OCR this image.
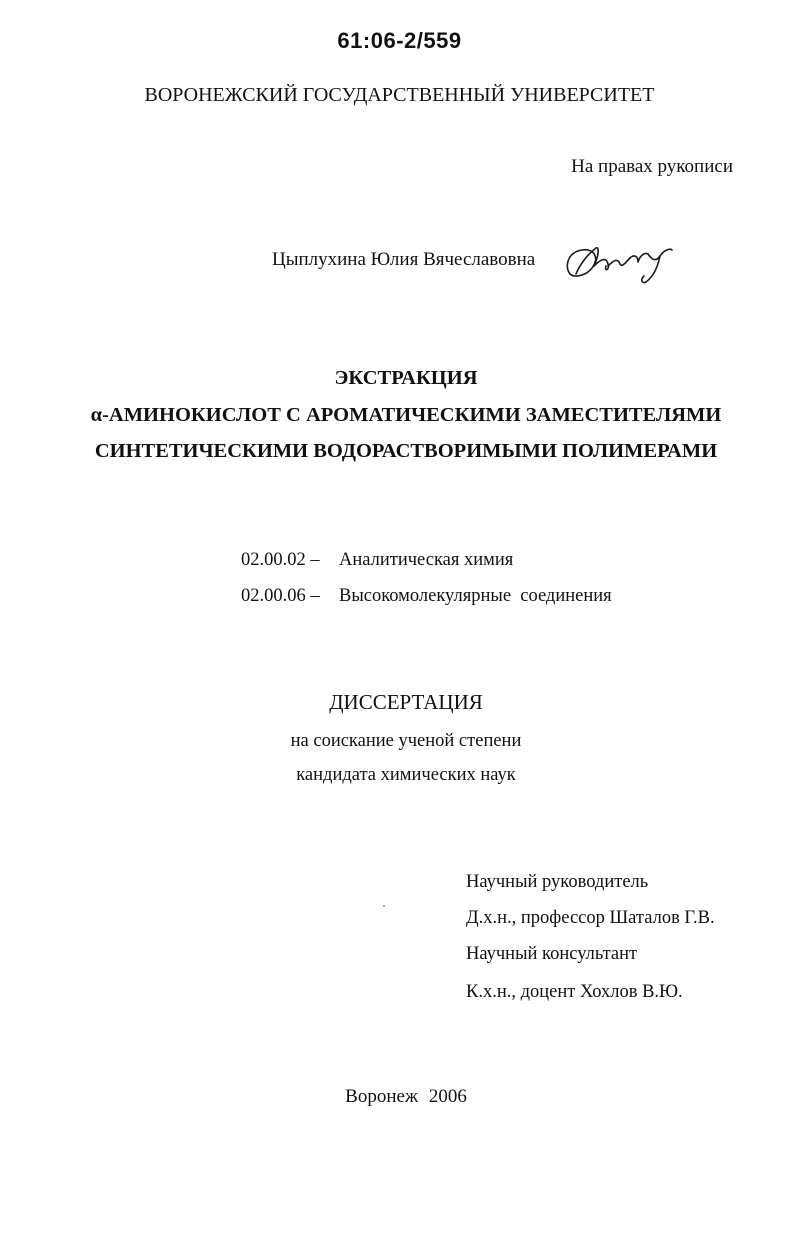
61:06-2/559
ВОРОНЕЖСКИЙ ГОСУДАРСТВЕННЫЙ УНИВЕРСИТЕТ
На правах рукописи
Цыплухина Юлия Вячеславовна
ЭКСТРАКЦИЯ
α-АМИНОКИСЛОТ С АРОМАТИЧЕСКИМИ ЗАМЕСТИТЕЛЯМИ
СИНТЕТИЧЕСКИМИ ВОДОРАСТВОРИМЫМИ ПОЛИМЕРАМИ
02.00.02 – Аналитическая химия
02.00.06 – Высокомолекулярные  соединения
ДИССЕРТАЦИЯ
на соискание ученой степени
кандидата химических наук
Научный руководитель
Д.х.н., профессор Шаталов Г.В.
Научный консультант
К.х.н., доцент Хохлов В.Ю.
Воронеж 2006
